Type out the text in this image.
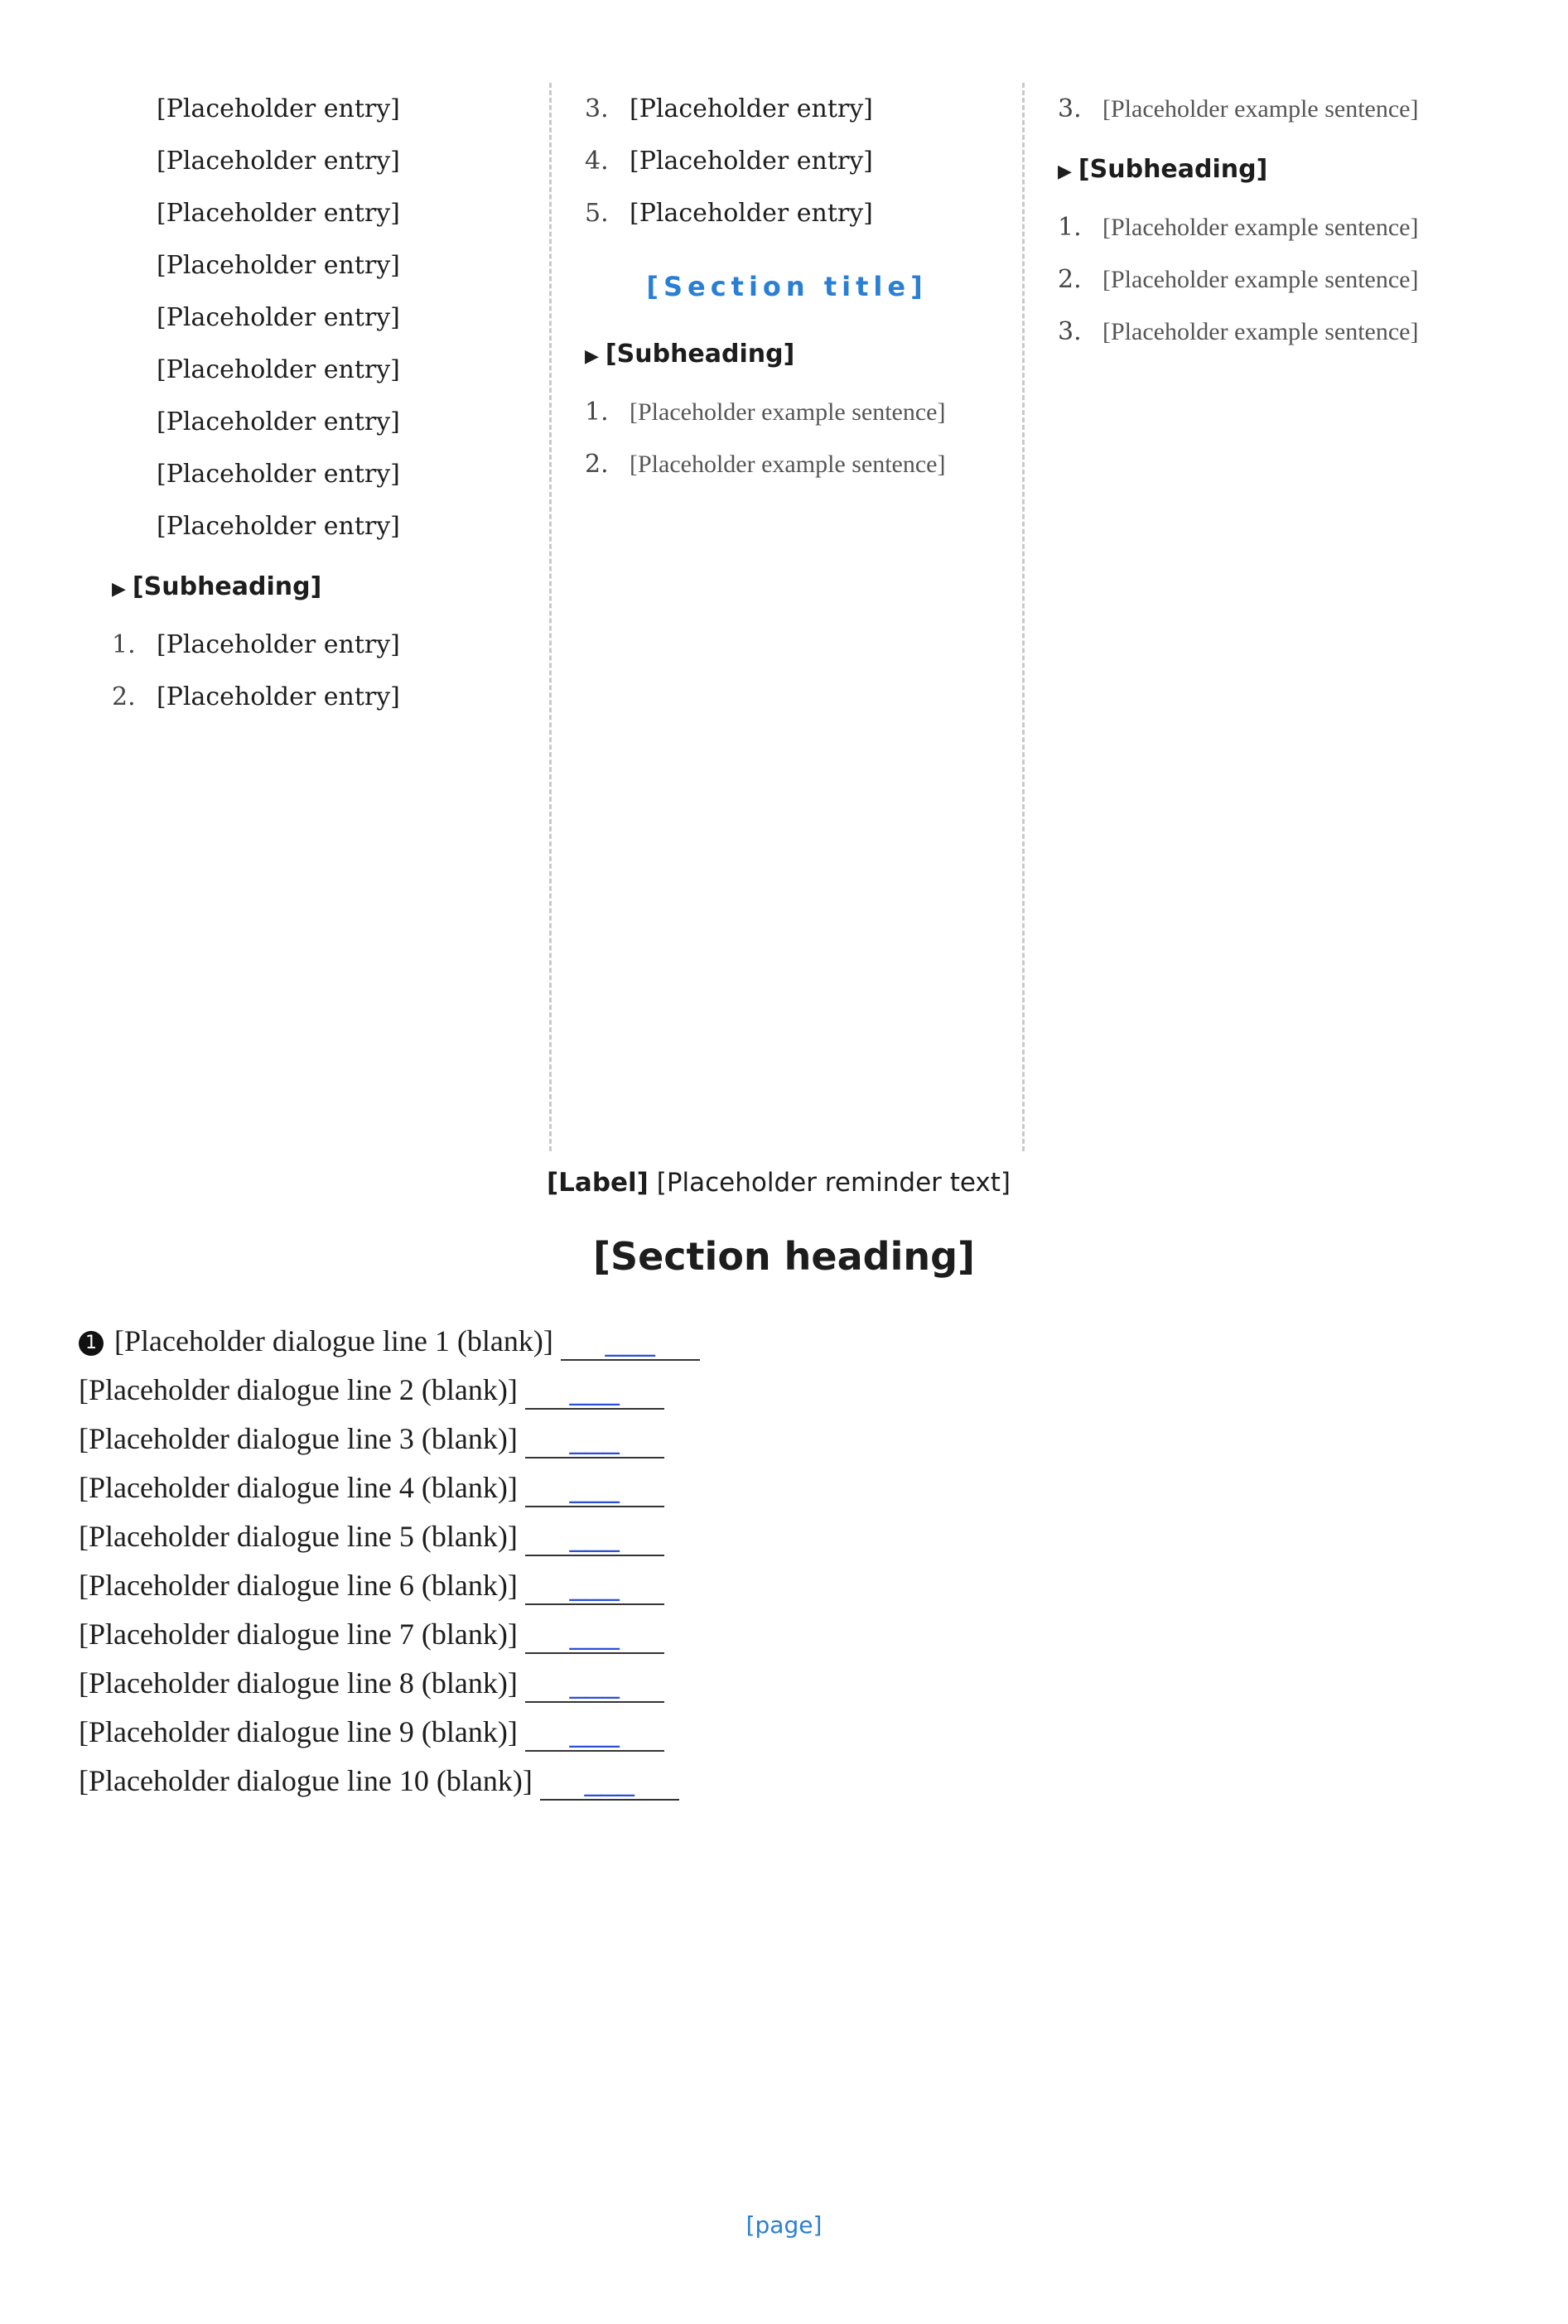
[Placeholder entry]
[Placeholder entry]
[Placeholder entry]
[Placeholder entry]
[Placeholder entry]
[Placeholder entry]
[Placeholder entry]
[Placeholder entry]
[Placeholder entry]
▶ [Subheading]
1. [Placeholder entry]
2. [Placeholder entry]
3. [Placeholder entry]
4. [Placeholder entry]
5. [Placeholder entry]
[Section title]
▶ [Subheading]
1. [Placeholder example sentence]
2. [Placeholder example sentence]
3. [Placeholder example sentence]
▶ [Subheading]
1. [Placeholder example sentence]
2. [Placeholder example sentence]
3. [Placeholder example sentence]
[Label] [Placeholder reminder text]
[Section heading]

1 [Placeholder dialogue line 1 (blank)] ___

[Placeholder dialogue line 2 (blank)] ___

[Placeholder dialogue line 3 (blank)] ___

[Placeholder dialogue line 4 (blank)] ___

[Placeholder dialogue line 5 (blank)] ___

[Placeholder dialogue line 6 (blank)] ___

[Placeholder dialogue line 7 (blank)] ___

[Placeholder dialogue line 8 (blank)] ___

[Placeholder dialogue line 9 (blank)] ___

[Placeholder dialogue line 10 (blank)] ___

[page]
